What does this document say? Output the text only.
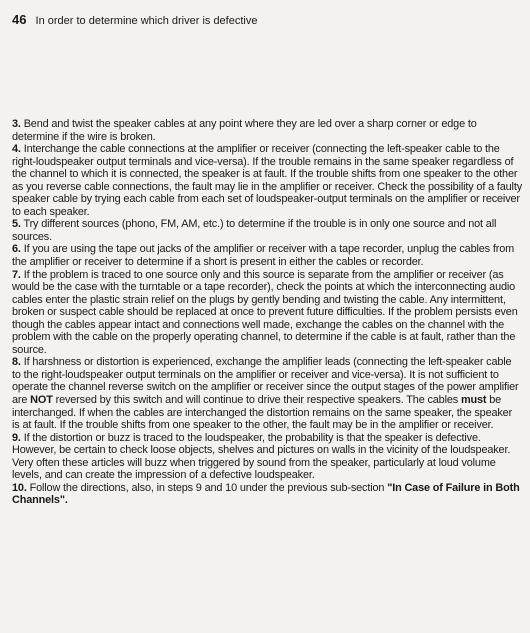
46 In order to determine which driver is defective

3. Bend and twist the speaker cables at any point where they are led over a sharp corner or edge to determine if the wire is broken.

4. Interchange the cable connections at the amplifier or receiver (connecting the left-speaker cable to the right-loudspeaker output terminals and vice-versa). If the trouble remains in the same speaker regardless of the channel to which it is connected, the speaker is at fault. If the trouble shifts from one speaker to the other as you reverse cable connections, the fault may lie in the amplifier or receiver. Check the possibility of a faulty speaker cable by trying each cable from each set of loudspeaker-output terminals on the amplifier or receiver to each speaker.

5. Try different sources (phono, FM, AM, etc.) to determine if the trouble is in only one source and not all sources.

6. If you are using the tape out jacks of the amplifier or receiver with a tape recorder, unplug the cables from the amplifier or receiver to determine if a short is present in either the cables or recorder.

7. If the problem is traced to one source only and this source is separate from the amplifier or receiver (as would be the case with the turntable or a tape recorder), check the points at which the interconnecting audio cables enter the plastic strain relief on the plugs by gently bending and twisting the cable. Any intermittent, broken or suspect cable should be replaced at once to prevent future difficulties. If the problem persists even though the cables appear intact and connections well made, exchange the cables on the channel with the problem with the cable on the properly operating channel, to determine if the cable is at fault, rather than the source.

8. If harshness or distortion is experienced, exchange the amplifier leads (connecting the left-speaker cable to the right-loudspeaker output terminals on the amplifier or receiver and vice-versa). It is not sufficient to operate the channel reverse switch on the amplifier or receiver since the output stages of the power amplifier are NOT reversed by this switch and will continue to drive their respective speakers. The cables must be interchanged. If when the cables are interchanged the distortion remains on the same speaker, the speaker is at fault. If the trouble shifts from one speaker to the other, the fault may be in the amplifier or receiver.

9. If the distortion or buzz is traced to the loudspeaker, the probability is that the speaker is defective. However, be certain to check loose objects, shelves and pictures on walls in the vicinity of the loudspeaker. Very often these articles will buzz when triggered by sound from the speaker, particularly at loud volume levels, and can create the impression of a defective loudspeaker.

10. Follow the directions, also, in steps 9 and 10 under the previous sub-section "In Case of Failure in Both Channels".
